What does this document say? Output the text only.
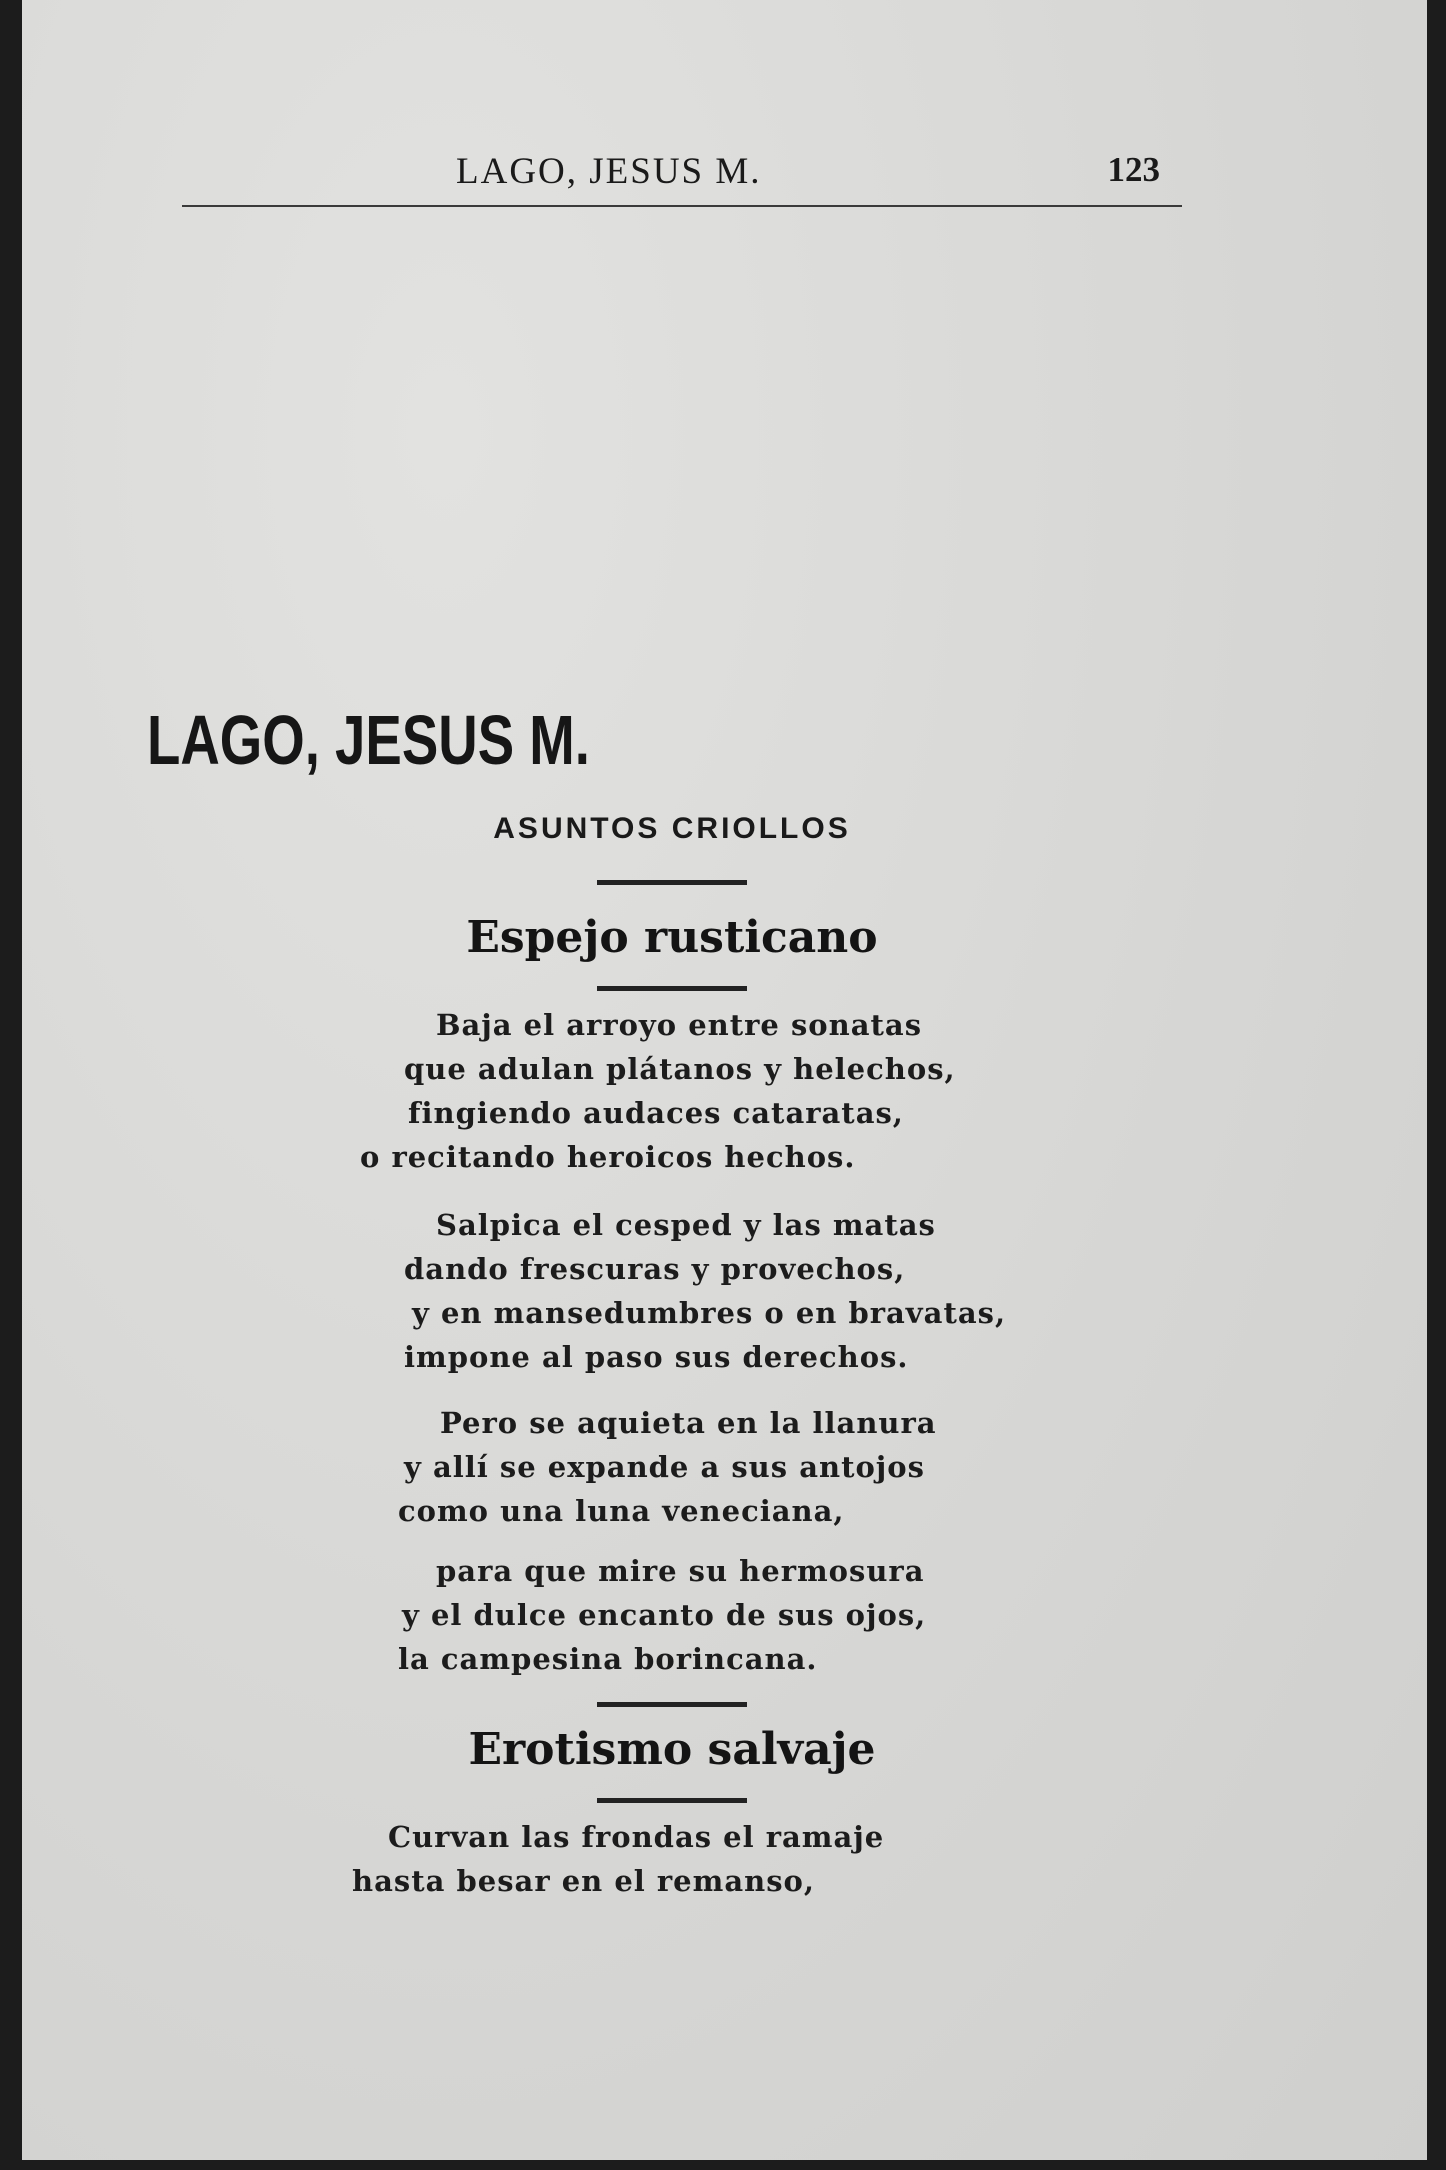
LAGO, JESUS M.	123
LAGO, JESUS M.
ASUNTOS CRIOLLOS
Espejo rusticano
Baja el arroyo entre sonatas
que adulan plátanos y helechos,
fingiendo audaces cataratas,
o recitando heroicos hechos.
Salpica el cesped y las matas
dando frescuras y provechos,
y en mansedumbres o en bravatas,
impone al paso sus derechos.
Pero se aquieta en la llanura
y allí se expande a sus antojos
como una luna veneciana,
para que mire su hermosura
y el dulce encanto de sus ojos,
la campesina borincana.
Erotismo salvaje
Curvan las frondas el ramaje
hasta besar en el remanso,
